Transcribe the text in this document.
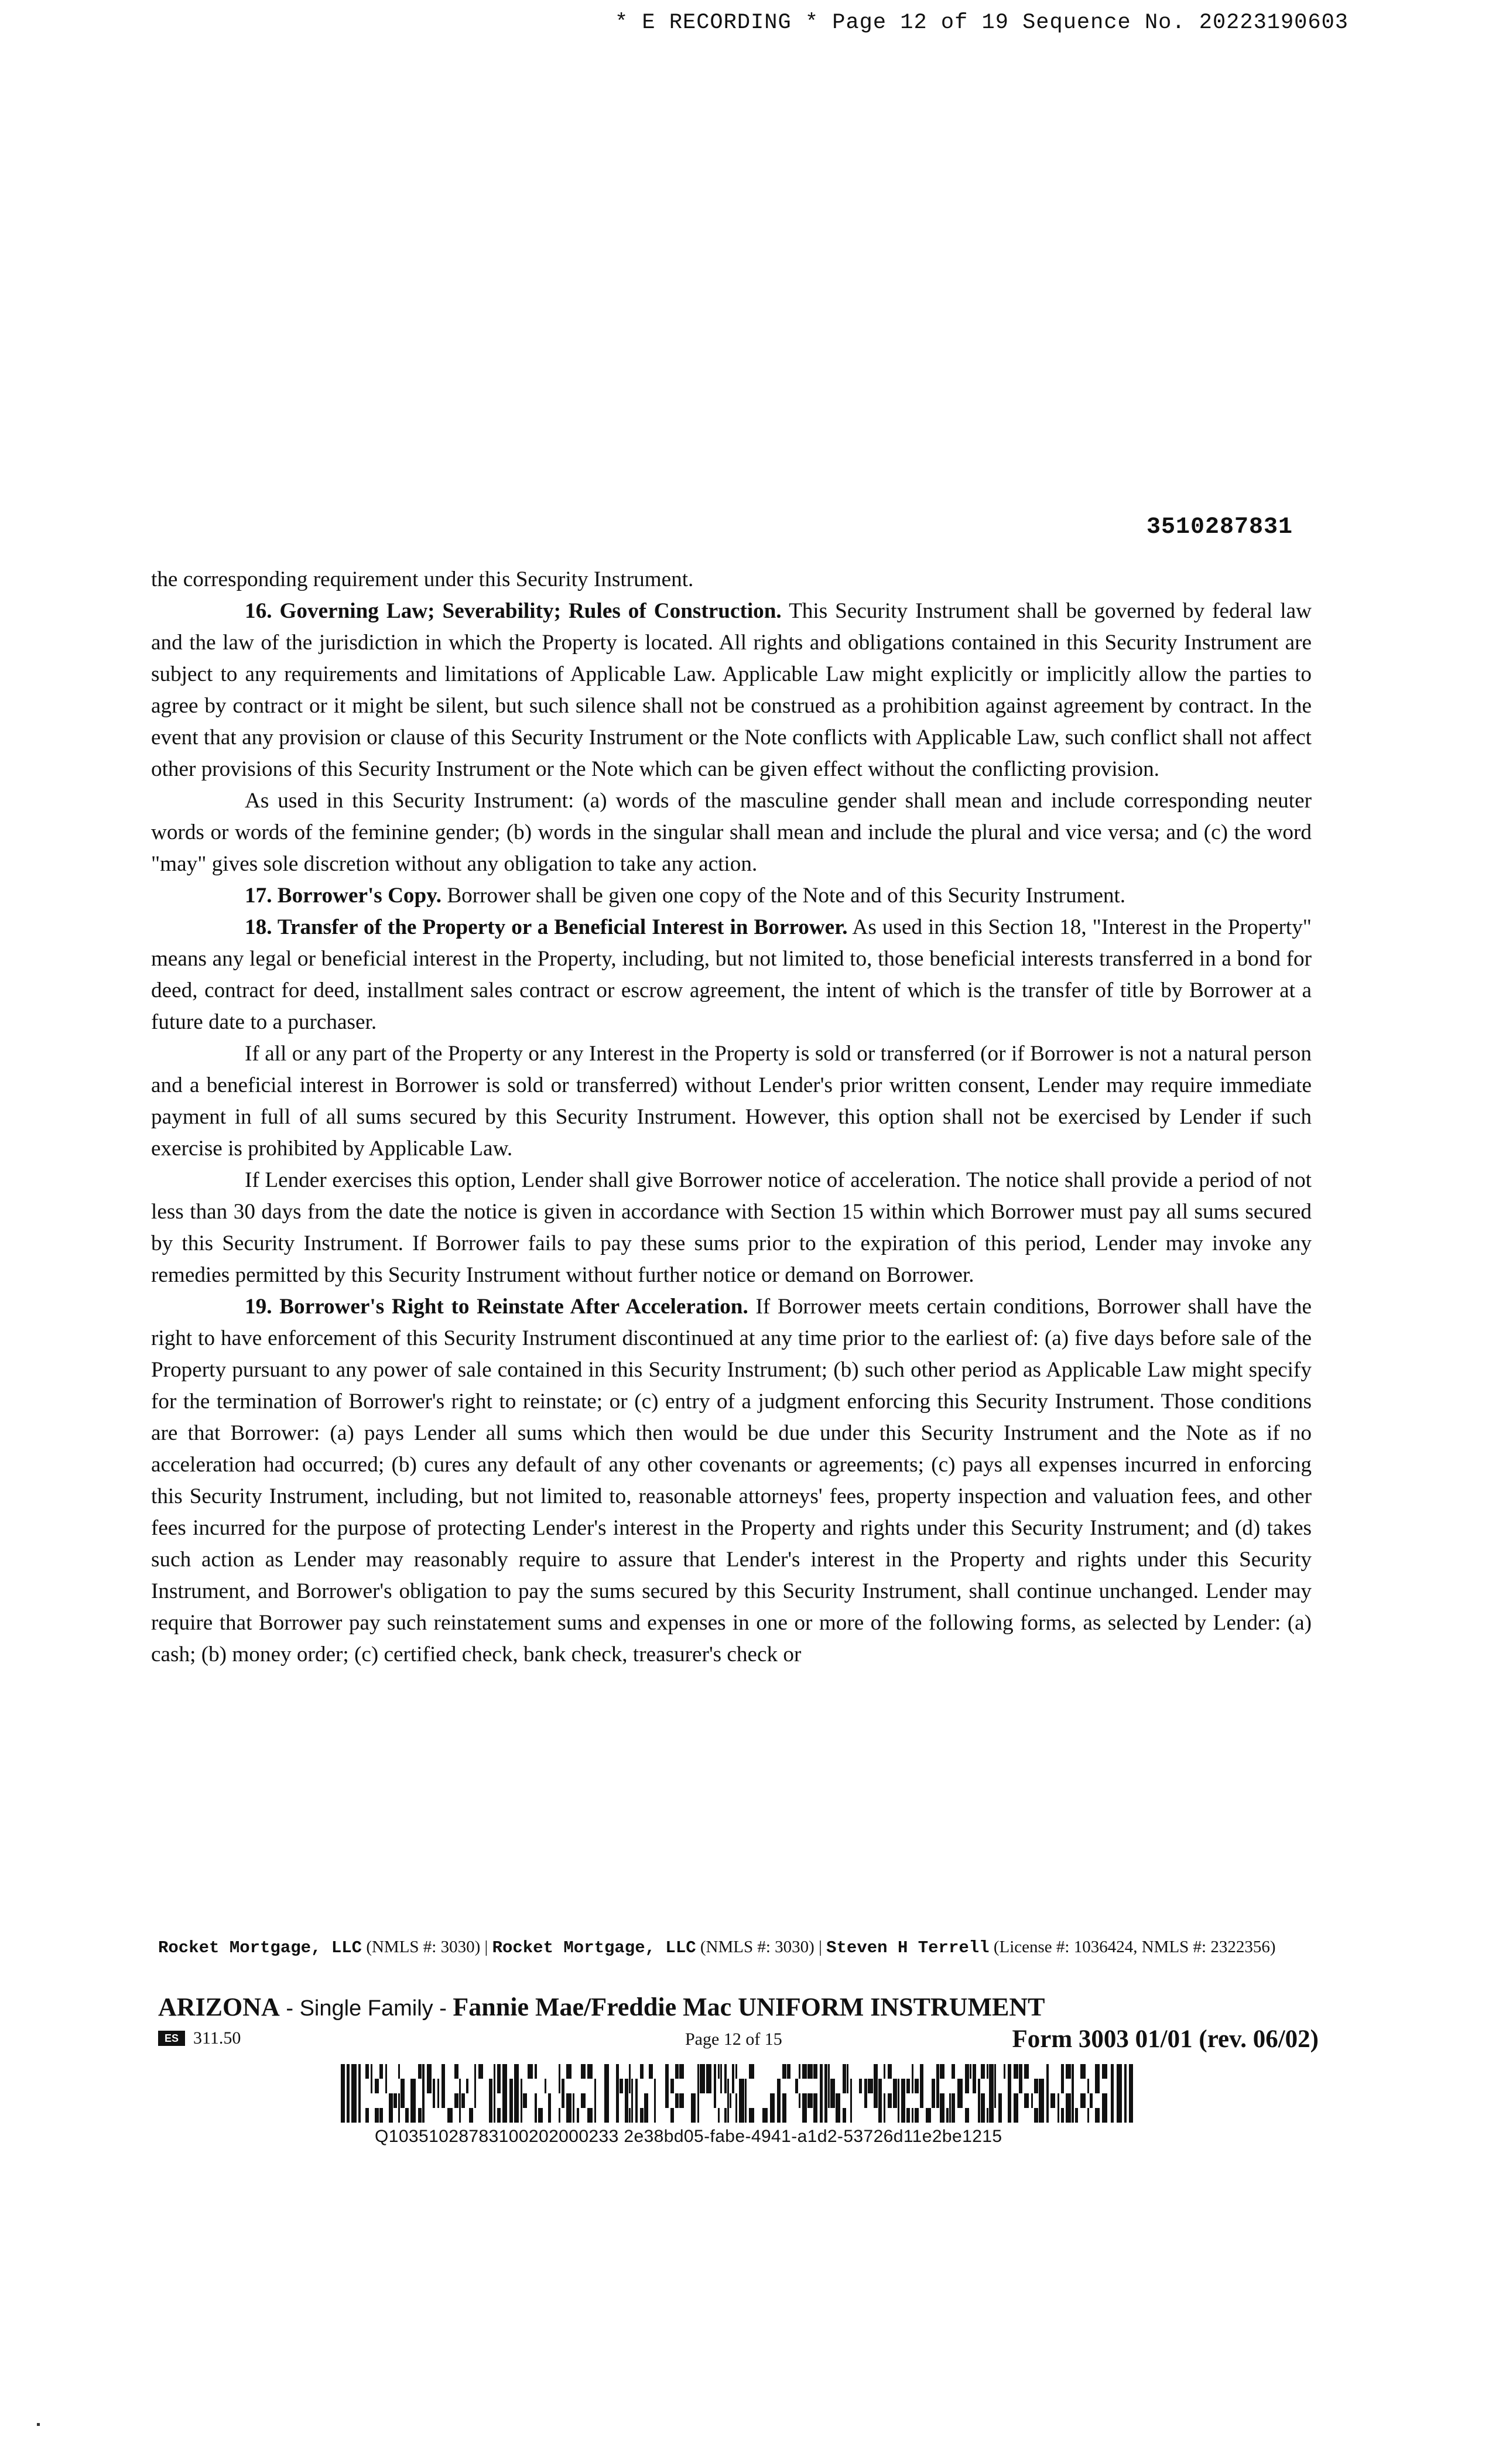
* E RECORDING * Page 12 of 19 Sequence No. 20223190603
3510287831

the corresponding requirement under this Security Instrument.

16. Governing Law; Severability; Rules of Construction. This Security Instrument shall be governed by federal law and the law of the jurisdiction in which the Property is located. All rights and obligations contained in this Security Instrument are subject to any requirements and limitations of Applicable Law. Applicable Law might explicitly or implicitly allow the parties to agree by contract or it might be silent, but such silence shall not be construed as a prohibition against agreement by contract. In the event that any provision or clause of this Security Instrument or the Note conflicts with Applicable Law, such conflict shall not affect other provisions of this Security Instrument or the Note which can be given effect without the conflicting provision.

As used in this Security Instrument: (a) words of the masculine gender shall mean and include corresponding neuter words or words of the feminine gender; (b) words in the singular shall mean and include the plural and vice versa; and (c) the word "may" gives sole discretion without any obligation to take any action.

17. Borrower's Copy. Borrower shall be given one copy of the Note and of this Security Instrument.

18. Transfer of the Property or a Beneficial Interest in Borrower. As used in this Section 18, "Interest in the Property" means any legal or beneficial interest in the Property, including, but not limited to, those beneficial interests transferred in a bond for deed, contract for deed, installment sales contract or escrow agreement, the intent of which is the transfer of title by Borrower at a future date to a purchaser.

If all or any part of the Property or any Interest in the Property is sold or transferred (or if Borrower is not a natural person and a beneficial interest in Borrower is sold or transferred) without Lender's prior written consent, Lender may require immediate payment in full of all sums secured by this Security Instrument. However, this option shall not be exercised by Lender if such exercise is prohibited by Applicable Law.

If Lender exercises this option, Lender shall give Borrower notice of acceleration. The notice shall provide a period of not less than 30 days from the date the notice is given in accordance with Section 15 within which Borrower must pay all sums secured by this Security Instrument. If Borrower fails to pay these sums prior to the expiration of this period, Lender may invoke any remedies permitted by this Security Instrument without further notice or demand on Borrower.

19. Borrower's Right to Reinstate After Acceleration. If Borrower meets certain conditions, Borrower shall have the right to have enforcement of this Security Instrument discontinued at any time prior to the earliest of: (a) five days before sale of the Property pursuant to any power of sale contained in this Security Instrument; (b) such other period as Applicable Law might specify for the termination of Borrower's right to reinstate; or (c) entry of a judgment enforcing this Security Instrument. Those conditions are that Borrower: (a) pays Lender all sums which then would be due under this Security Instrument and the Note as if no acceleration had occurred; (b) cures any default of any other covenants or agreements; (c) pays all expenses incurred in enforcing this Security Instrument, including, but not limited to, reasonable attorneys' fees, property inspection and valuation fees, and other fees incurred for the purpose of protecting Lender's interest in the Property and rights under this Security Instrument; and (d) takes such action as Lender may reasonably require to assure that Lender's interest in the Property and rights under this Security Instrument, and Borrower's obligation to pay the sums secured by this Security Instrument, shall continue unchanged. Lender may require that Borrower pay such reinstatement sums and expenses in one or more of the following forms, as selected by Lender: (a) cash; (b) money order; (c) certified check, bank check, treasurer's check or

Rocket Mortgage, LLC (NMLS #: 3030) | Rocket Mortgage, LLC (NMLS #: 3030) | Steven H Terrell (License #: 1036424, NMLS #: 2322356)
ARIZONA - Single Family - Fannie Mae/Freddie Mac UNIFORM INSTRUMENT
ES 311.50	Page 12 of 15	Form 3003 01/01 (rev. 06/02)
Q10351028783100202000233 2e38bd05-fabe-4941-a1d2-53726d11e2be1215
